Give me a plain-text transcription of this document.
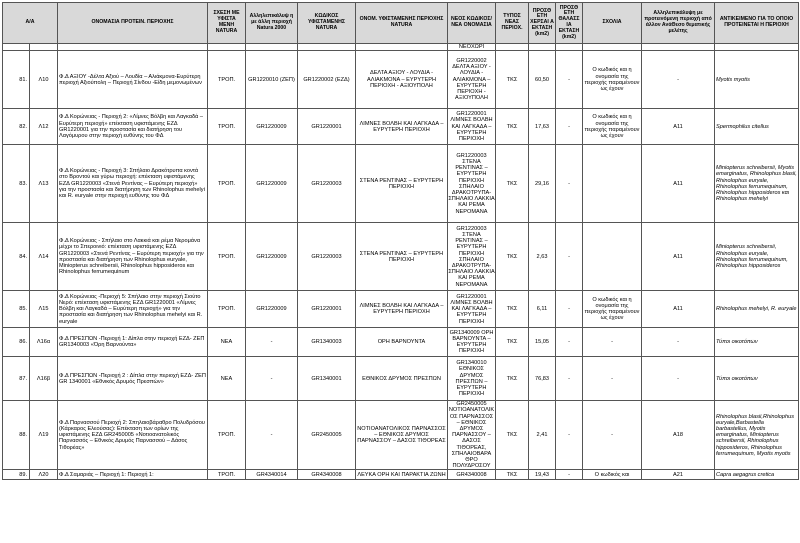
Α/Α		ΟΝΟΜΑΣΙΑ ΠΡΟΤΕΙΝ. ΠΕΡΙΟΧΗΣ	ΣΧΕΣΗ ΜΕ ΥΦΙΣΤΑ ΜΕΝΗ NATURA	Αλληλεπικάλυψ η με άλλη περιοχή Natura 2000	ΚΩΔΙΚΟΣ ΥΦΙΣΤΑΜΕΝΗΣ NATURA	ΟΝΟΜ. ΥΦΙΣΤΑΜΕΝΗΣ ΠΕΡΙΟΧΗΣ NATURA	ΝΕΟΣ ΚΩΔΙΚΟΣ/ ΝΕΑ ΟΝΟΜΑΣΙΑ	ΤΥΠΟΣ ΝΕΑΣ ΠΕΡΙΟΧ.	ΠΡΟΣΘ ΕΤΗ ΧΕΡΣΑΙ Α ΕΚΤΑΣΗ (km2)	ΠΡΟΣΘ ΕΤΗ ΘΑΛΑΣΣ ΙΑ ΕΚΤΑΣΗ (km2)	ΣΧΟΛΙΑ	Αλληλεπικάλυψη με προτεινόμενη περιοχή από άλλον ΑνάΘεσο θεματικής μελέτης	ΑΝΤΙΚΕΙΜΕΝΟ ΓΙΑ ΤΟ ΟΠΟΙΟ ΠΡΟΤΕΙΝΕΤΑΙ Η ΠΕΡΙΟΧΗ
							ΝΕΟΧΩΡΙ						
81.	Λ10	Φ.Δ ΑΞΙΟΥ -Δέλτα Αξιού – Λουδία – Αλιάκμονα-Ευρύτερη περιοχή Αξιούπολη – Περιοχή Σίνδου -Είδη μεμονωμένων	ΤΡΟΠ.	GR1220010 (ΖΕΠ)	GR1220002 (ΕΖΔ)	ΔΕΛΤΑ ΑΞΙΟΥ - ΛΟΥΔΙΑ - ΑΛΙΑΚΜΟΝΑ – ΕΥΡΥΤΕΡΗ ΠΕΡΙΟΧΗ - ΑΞΙΟΥΠΟΛΗ	GR1220002 ΔΕΛΤΑ ΑΞΙΟΥ - ΛΟΥΔΙΑ - ΑΛΙΑΚΜΟΝΑ – ΕΥΡΥΤΕΡΗ ΠΕΡΙΟΧΗ - ΑΞΙΟΥΠΟΛΗ	ΤΚΣ	60,50	-	Ο κωδικός και η ονομασία της περιοχής παραμένουν ως έχουν	-	Myotis myotis
82.	Λ12	Φ.Δ Κορώνειας - Περιοχή 2: «Λίμνες Βόλβη και Λαγκαδά – Ευρύτερη περιοχή» επέκταση υφιστάμενης ΕΖΔ GR1220001 για την προστασία και διατήρηση του Λαγόμυρου στην περιοχή ευθύνης του ΦΔ	ΤΡΟΠ.	GR1220009	GR1220001	ΛΙΜΝΕΣ ΒΟΛΒΗ ΚΑΙ ΛΑΓΚΑΔΑ – ΕΥΡΥΤΕΡΗ ΠΕΡΙΟΧΗ	GR1220001 ΛΙΜΝΕΣ ΒΟΛΒΗ ΚΑΙ ΛΑΓΚΑΔΑ – ΕΥΡΥΤΕΡΗ ΠΕΡΙΟΧΗ	ΤΚΣ	17,63	-	Ο κωδικός και η ονομασία της περιοχής παραμένουν ως έχουν	Α11	Spermophilus citellus
83.	Λ13	Φ.Δ Κορώνειας - Περιοχή 3: Σπήλαιο Δρακότρυπα κοντά στο Βροντού και γύρω περιοχή: επέκταση υφιστάμενης ΕΖΔ GR1220003 «Στενά Ρεντίνας – Ευρύτερη περιοχή» για την προστασία και διατήρηση των Rhinolophus mehelyi και R. euryale στην περιοχή ευθύνης του ΦΔ	ΤΡΟΠ.	GR1220009	GR1220003	ΣΤΕΝΑ ΡΕΝΤΙΝΑΣ – ΕΥΡΥΤΕΡΗ ΠΕΡΙΟΧΗ	GR1220003 ΣΤΕΝΑ ΡΕΝΤΙΝΑΣ – ΕΥΡΥΤΕΡΗ ΠΕΡΙΟΧΗ ΣΠΗΛΑΙΟ ΔΡΑΚΟΤΡΥΠΑ- ΣΠΗΛΑΙΟ ΛΑΚΚΙΑ ΚΑΙ ΡΕΜΑ ΝΕΡΟΜΑΝΑ	ΤΚΣ	29,16	-		Α11	Miniopterus schreibersii, Myotis emarginatus, Rhinolophus blasii, Rhinolophus euryale, Rhinolophus ferrumequinum, Rhinolophus hipposideros και Rhinolophus mehelyi
84.	Λ14	Φ.Δ Κορώνειας - Σπήλαιο στο Λακκιά και ρέμα Νερομάνα μέχρι το Σπεροινιό: επέκταση υφιστάμενης ΕΖΔ GR1220003 «Στενά Ρεντίνας – Ευρύτερη περιοχή» για την προστασία και διατήρηση των Rhinolophus euryale, Miniopterus schreibersii, Rhinolophus hipposideros και Rhinolophus ferrumequinum	ΤΡΟΠ.	GR1220009	GR1220003	ΣΤΕΝΑ ΡΕΝΤΙΝΑΣ – ΕΥΡΥΤΕΡΗ ΠΕΡΙΟΧΗ	GR1220003 ΣΤΕΝΑ ΡΕΝΤΙΝΑΣ – ΕΥΡΥΤΕΡΗ ΠΕΡΙΟΧΗ ΣΠΗΛΑΙΟ ΔΡΑΚΟΤΡΥΠΑ- ΣΠΗΛΑΙΟ ΛΑΚΚΙΑ ΚΑΙ ΡΕΜΑ ΝΕΡΟΜΑΝΑ	ΤΚΣ	2,63	-		Α11	Miniopterus schreibersii, Rhinolophus euryale, Rhinolophus ferrumequinum, Rhinolophus hipposideros
85.	Λ15	Φ.Δ Κορώνειας -Περιοχή 5: Σπήλαιο στην περιοχή Σιούτο Νερό: επέκταση υφιστάμενης ΕΖΔ GR1220001 «Λίμνες Βόλβη και Λαγκαδά – Ευρύτερη περιοχή» για την προστασία και διατήρηση των Rhinolophus mehelyi και R. euryale	ΤΡΟΠ.	GR1220009	GR1220001	ΛΙΜΝΕΣ ΒΟΛΒΗ ΚΑΙ ΛΑΓΚΑΔΑ – ΕΥΡΥΤΕΡΗ ΠΕΡΙΟΧΗ	GR1220001 ΛΙΜΝΕΣ ΒΟΛΒΗ ΚΑΙ ΛΑΓΚΑΔΑ – ΕΥΡΥΤΕΡΗ ΠΕΡΙΟΧΗ	ΤΚΣ	6,11	-	Ο κωδικός και η ονομασία της περιοχής παραμένουν ως έχουν	Α11	Rhinolophus mehelyi, R. euryale
86.	Λ16α	Φ.Δ ΠΡΕΣΠΩΝ -Περιοχή 1: Δίπλα στην περιοχή ΕΖΔ- ΖΕΠ GR1340003 «Όρη Βαρνούντα»	ΝΕΑ	-	GR1340003	ΟΡΗ ΒΑΡΝΟΥΝΤΑ	GR1340009 ΟΡΗ ΒΑΡΝΟΥΝΤΑ – ΕΥΡΥΤΕΡΗ ΠΕΡΙΟΧΗ	ΤΚΣ	15,05	-	-	-	Τύποι οικοτόπων
87.	Λ16β	Φ.Δ ΠΡΕΣΠΩΝ -Περιοχή 2 : Δίπλα στην περιοχή ΕΖΔ- ΖΕΠ GR 1340001 «Εθνικός Δρυμός Πρεσπών»	ΝΕΑ	-	GR1340001	ΕΘΝΙΚΟΣ ΔΡΥΜΟΣ ΠΡΕΣΠΩΝ	GR1340010 ΕΘΝΙΚΟΣ ΔΡΥΜΟΣ ΠΡΕΣΠΩΝ – ΕΥΡΥΤΕΡΗ ΠΕΡΙΟΧΗ	ΤΚΣ	76,83	-	-	-	Τύποι οικοτόπων
88.	Λ19	Φ.Δ Παρνασσού Περιοχή 2: Σπηλαιοβάραθρο Πολυδρόσου (Κάρκαρος Ελεούσας): Επέκταση των ορίων της υφιστάμενης ΕΖΔ GR2450005 «Νοτιοανατολικός Παρνασσός – Εθνικός Δρυμός Παρνασσού – Δάσος Τιθορέας»	ΤΡΟΠ.	-	GR2450005	ΝΟΤΙΟΑΝΑΤΟΛΙΚΟΣ ΠΑΡΝΑΣΣΟΣ – ΕΘΝΙΚΟΣ ΔΡΥΜΟΣ ΠΑΡΝΑΣΣΟΥ – ΔΑΣΟΣ ΤΙΘΟΡΕΑΣ	GR2450005 ΝΟΤΙΟΑΝΑΤΟΛΙΚΟΣ ΠΑΡΝΑΣΣΟΣ – ΕΘΝΙΚΟΣ ΔΡΥΜΟΣ ΠΑΡΝΑΣΣΟΥ – ΔΑΣΟΣ ΤΙΘΟΡΕΑΣ, ΣΠΗΛΑΙΟΒΑΡΑ ΘΡΟ ΠΟΛΥΔΡΟΣΟΥ	ΤΚΣ	2,41	-	-	Α18	Rhinolophus blasii,Rhinolophus euryale,Barbastella barbastellus, Myotis emarginatus, Miniopterus schreibersii, Rhinolophus hipposideros, Rhinolophus ferrumequinum, Myotis myotis
89.	Λ20	Φ.Δ Σαμαριάς – Περιοχή 1: Περιοχή 1:	ΤΡΟΠ.	GR4340014	GR4340008	ΛΕΥΚΑ ΟΡΗ ΚΑΙ ΠΑΡΑΚΤΙΑ ΖΩΝΗ	GR4340008	ΤΚΣ	19,43	-	Ο κωδικός και	Α21	Capra aegagrus cretica
